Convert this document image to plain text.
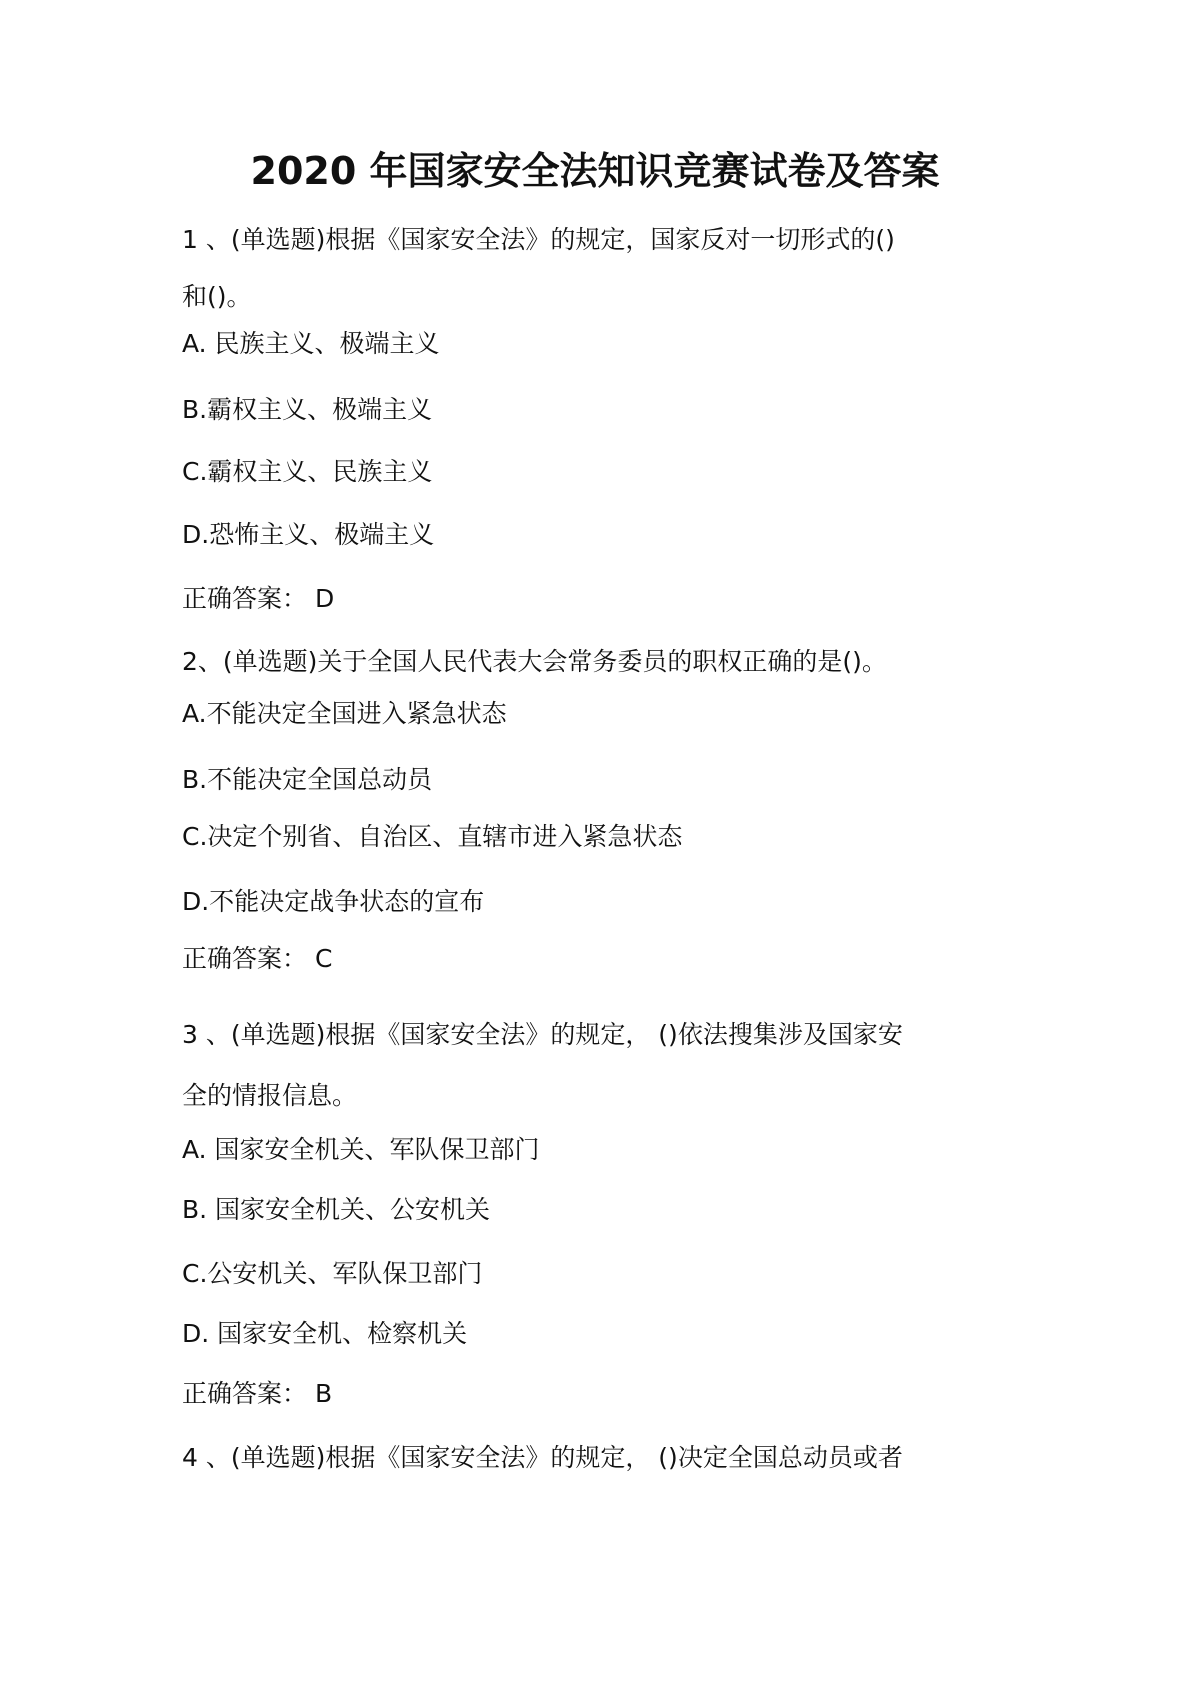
2020 年国家安全法知识竞赛试卷及答案
1 、(单选题)根据《国家安全法》的规定，国家反对一切形式的()
和()。
A. 民族主义、极端主义
B.霸权主义、极端主义
C.霸权主义、民族主义
D.恐怖主义、极端主义
正确答案： D
2、(单选题)关于全国人民代表大会常务委员的职权正确的是()。
A.不能决定全国进入紧急状态
B.不能决定全国总动员
C.决定个别省、自治区、直辖市进入紧急状态
D.不能决定战争状态的宣布
正确答案： C
3 、(单选题)根据《国家安全法》的规定， ()依法搜集涉及国家安
全的情报信息。
A. 国家安全机关、军队保卫部门
B. 国家安全机关、公安机关
C.公安机关、军队保卫部门
D. 国家安全机、检察机关
正确答案： B
4 、(单选题)根据《国家安全法》的规定， ()决定全国总动员或者
